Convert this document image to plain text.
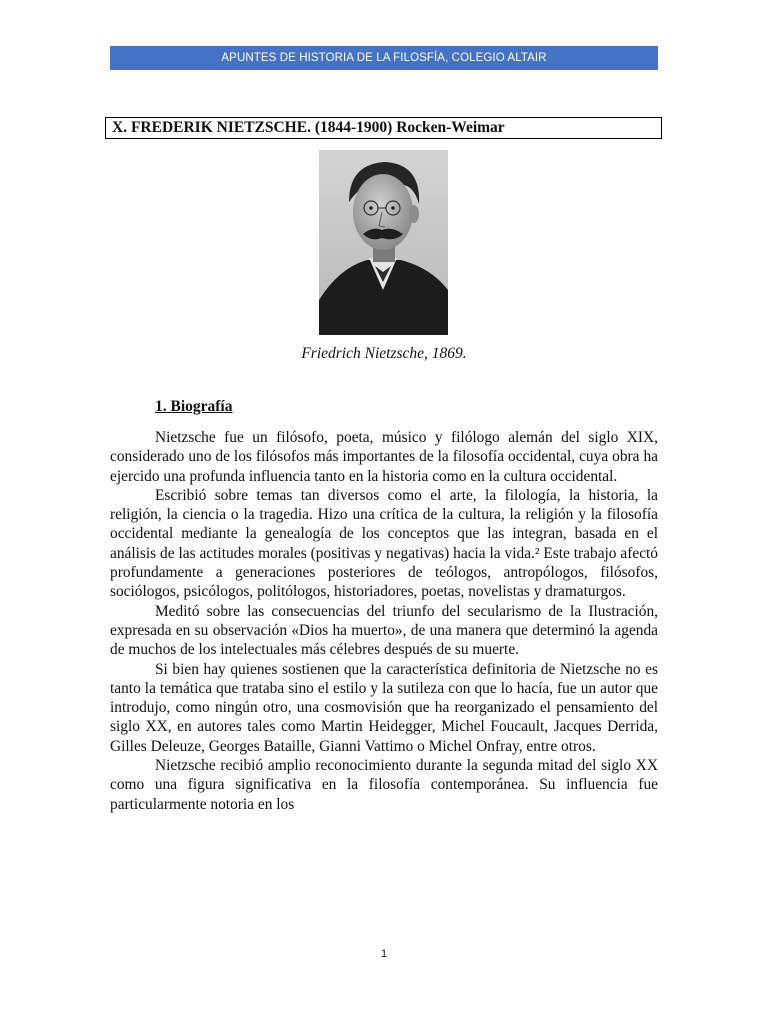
APUNTES DE HISTORIA DE LA FILOSFÍA, COLEGIO ALTAIR
X. FREDERIK NIETZSCHE. (1844-1900) Rocken-Weimar
Friedrich Nietzsche, 1869.
1. Biografía

Nietzsche fue un filósofo, poeta, músico y filólogo alemán del siglo XIX, considerado uno de los filósofos más importantes de la filosofía occidental, cuya obra ha ejercido una profunda influencia tanto en la historia como en la cultura occidental.

Escribió sobre temas tan diversos como el arte, la filología, la historia, la religión, la ciencia o la tragedia. Hizo una crítica de la cultura, la religión y la filosofía occidental mediante la genealogía de los conceptos que las integran, basada en el análisis de las actitudes morales (positivas y negativas) hacia la vida.² Este trabajo afectó profundamente a generaciones posteriores de teólogos, antropólogos, filósofos, sociólogos, psicólogos, politólogos, historiadores, poetas, novelistas y dramaturgos.

Meditó sobre las consecuencias del triunfo del secularismo de la Ilustración, expresada en su observación «Dios ha muerto», de una manera que determinó la agenda de muchos de los intelectuales más célebres después de su muerte.

Si bien hay quienes sostienen que la característica definitoria de Nietzsche no es tanto la temática que trataba sino el estilo y la sutileza con que lo hacía, fue un autor que introdujo, como ningún otro, una cosmovisión que ha reorganizado el pensamiento del siglo XX, en autores tales como Martin Heidegger, Michel Foucault, Jacques Derrida, Gilles Deleuze, Georges Bataille, Gianni Vattimo o Michel Onfray, entre otros.

Nietzsche recibió amplio reconocimiento durante la segunda mitad del siglo XX como una figura significativa en la filosofía contemporánea. Su influencia fue particularmente notoria en los

1
